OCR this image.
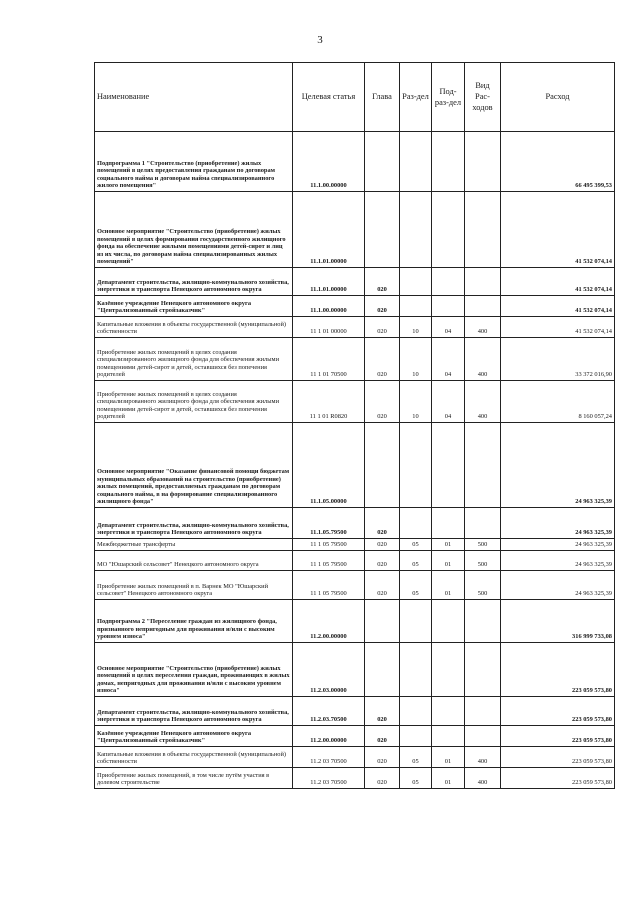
3
Наименование	Целевая статья	Глава	Раз-дел	Под-раз-дел	Вид Рас-ходов	Расход
Подпрограмма 1 "Строительство (приобретение) жилых помещений в целях предоставления гражданам по договорам социального найма и договорам найма специализированного жилого помещения"	11.1.00.00000					66 495 399,53
Основное мероприятие "Строительство (приобретение) жилых помещений в целях формирования государственного жилищного фонда на обеспечение жилыми помещениями детей-сирот и лиц из их числа, по договорам найма специализированных жилых помещений"	11.1.01.00000					41 532 074,14
Департамент строительства, жилищно-коммунального хозяйства, энергетики и транспорта Ненецкого автономного округа	11.1.01.00000	020				41 532 074,14
Казённое учреждение Ненецкого автономного округа "Централизованный стройзаказчик"	11.1.00.00000	020				41 532 074,14
Капитальные вложения в объекты государственной (муниципальной) собственности	11 1 01 00000	020	10	04	400	41 532 074,14
Приобретение жилых помещений в целях создания специализированного жилищного фонда для обеспечения жилыми помещениями детей-сирот и детей, оставшихся без попечения родителей	11 1 01 70500	020	10	04	400	33 372 016,90
Приобретение жилых помещений в целях создания специализированного жилищного фонда для обеспечения жилыми помещениями детей-сирот и детей, оставшихся без попечения родителей	11 1 01 R0820	020	10	04	400	8 160 057,24
Основное мероприятие "Оказание финансовой помощи бюджетам муниципальных образований на строительство (приобретение) жилых помещений, предоставляемых гражданам по договорам социального найма, в на формирование специализированного жилищного фонда"	11.1.05.00000					24 963 325,39
Департамент строительства, жилищно-коммунального хозяйства, энергетики и транспорта Ненецкого автономного округа	11.1.05.79500	020				24 963 325,39
Межбюджетные трансферты	11 1 05 79500	020	05	01	500	24 963 325,39
МО "Юшарский сельсовет" Ненецкого автономного округа	11 1 05 79500	020	05	01	500	24 963 325,39
Приобретение жилых помещений в п. Варнек МО "Юшарский сельсовет" Ненецкого автономного округа	11 1 05 79500	020	05	01	500	24 963 325,39
Подпрограмма 2 "Переселение граждан из жилищного фонда, признанного непригодным для проживания и/или с высоким уровнем износа"	11.2.00.00000					316 999 733,08
Основное мероприятие "Строительство (приобретение) жилых помещений в целях переселения граждан, проживающих в жилых домах, непригодных для проживания и/или с высоким уровнем износа"	11.2.03.00000					223 059 573,80
Департамент строительства, жилищно-коммунального хозяйства, энергетики и транспорта Ненецкого автономного округа	11.2.03.70500	020				223 059 573,80
Казённое учреждение Ненецкого автономного округа "Централизованный стройзаказчик"	11.2.00.00000	020				223 059 573,80
Капитальные вложения в объекты государственной (муниципальной) собственности	11.2 03 70500	020	05	01	400	223 059 573,80
Приобретение жилых помещений, в том числе путём участия в долевом строительстве	11.2 03 70500	020	05	01	400	223 059 573,80
